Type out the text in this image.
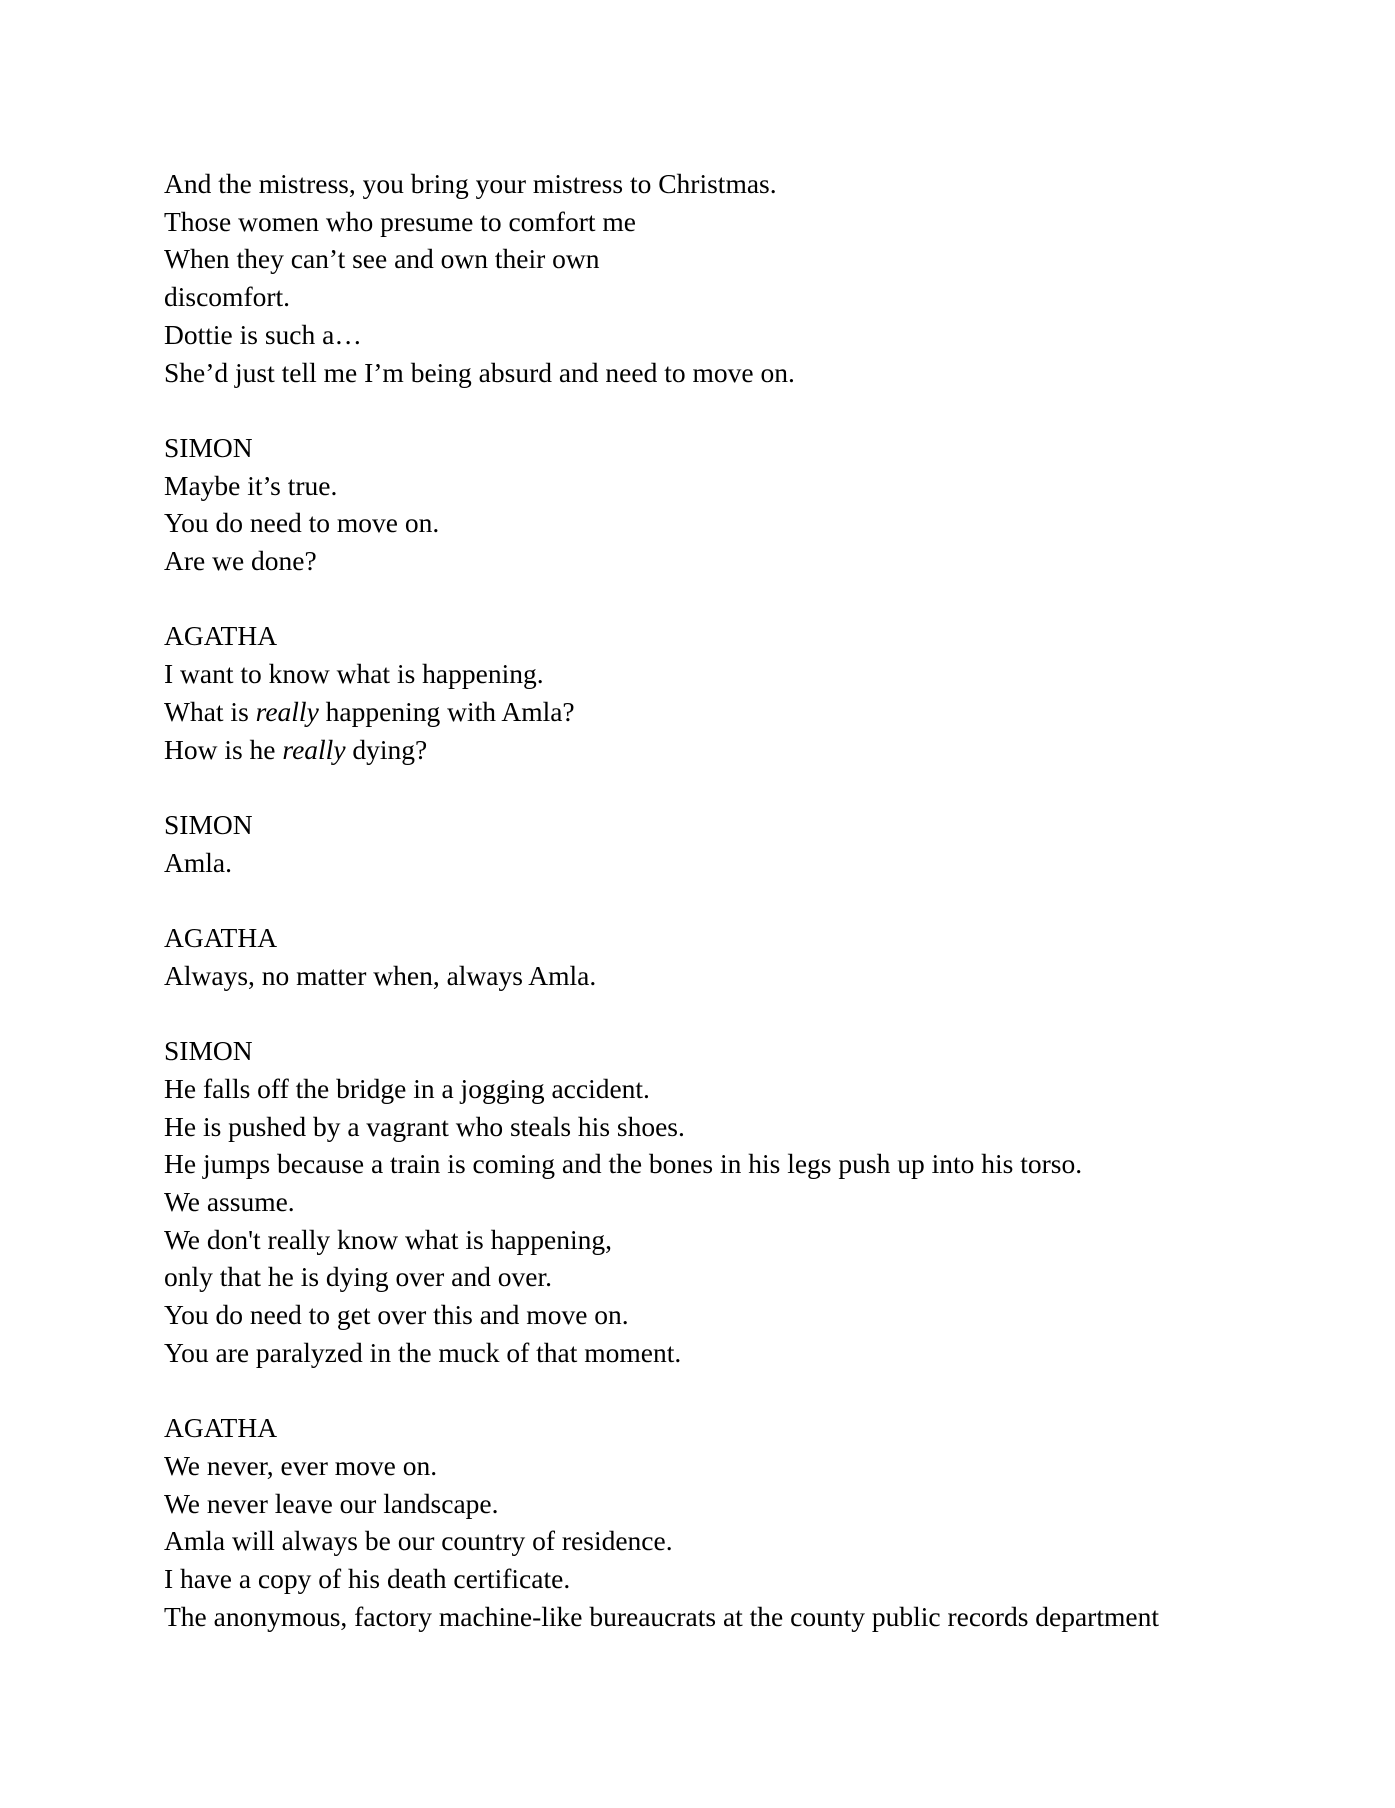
And the mistress, you bring your mistress to Christmas.

Those women who presume to comfort me

When they can’t see and own their own

discomfort.

Dottie is such a…

She’d just tell me I’m being absurd and need to move on.

SIMON

Maybe it’s true.

You do need to move on.

Are we done?

AGATHA

I want to know what is happening.

What is really happening with Amla?

How is he really dying?

SIMON

Amla.

AGATHA

Always, no matter when, always Amla.

SIMON

He falls off the bridge in a jogging accident.

He is pushed by a vagrant who steals his shoes.

He jumps because a train is coming and the bones in his legs push up into his torso.

We assume.

We don't really know what is happening,

only that he is dying over and over.

You do need to get over this and move on.

You are paralyzed in the muck of that moment.

AGATHA

We never, ever move on.

We never leave our landscape.

Amla will always be our country of residence.

I have a copy of his death certificate.

The anonymous, factory machine-like bureaucrats at the county public records department
